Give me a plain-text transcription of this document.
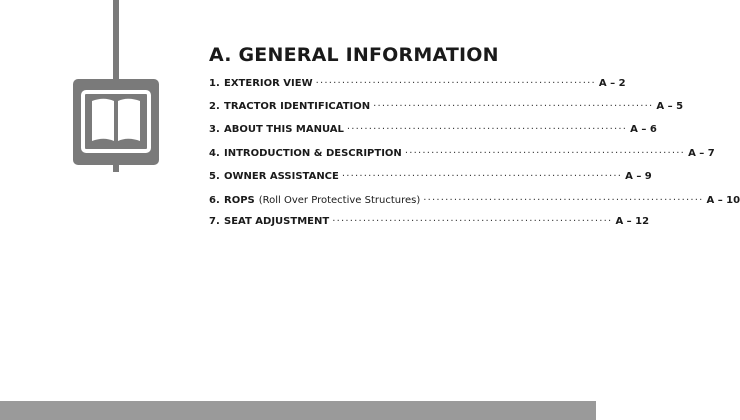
A. GENERAL INFORMATION
1. EXTERIOR VIEW ································································ A – 2
2. TRACTOR IDENTIFICATION ································································ A – 5
3. ABOUT THIS MANUAL ································································ A – 6
4. INTRODUCTION & DESCRIPTION ································································ A – 7
5. OWNER ASSISTANCE ································································ A – 9
6. ROPS (Roll Over Protective Structures) ································································ A – 10
7. SEAT ADJUSTMENT ································································ A – 12
